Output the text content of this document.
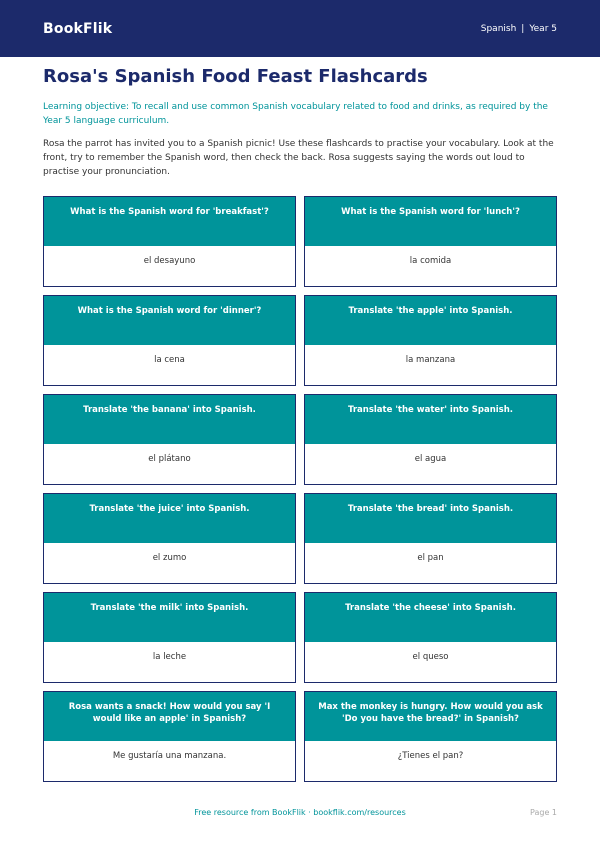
BookFlik	Spanish | Year 5
Rosa's Spanish Food Feast Flashcards

Learning objective: To recall and use common Spanish vocabulary related to food and drinks, as required by the Year 5 language curriculum.

Rosa the parrot has invited you to a Spanish picnic! Use these flashcards to practise your vocabulary. Look at the front, try to remember the Spanish word, then check the back. Rosa suggests saying the words out loud to practise your pronunciation.

What is the Spanish word for 'breakfast'?
el desayuno
What is the Spanish word for 'lunch'?
la comida
What is the Spanish word for 'dinner'?
la cena
Translate 'the apple' into Spanish.
la manzana
Translate 'the banana' into Spanish.
el plátano
Translate 'the water' into Spanish.
el agua
Translate 'the juice' into Spanish.
el zumo
Translate 'the bread' into Spanish.
el pan
Translate 'the milk' into Spanish.
la leche
Translate 'the cheese' into Spanish.
el queso
Rosa wants a snack! How would you say 'I would like an apple' in Spanish?
Me gustaría una manzana.
Max the monkey is hungry. How would you ask 'Do you have the bread?' in Spanish?
¿Tienes el pan?
Free resource from BookFlik · bookflik.com/resources	Page 1
